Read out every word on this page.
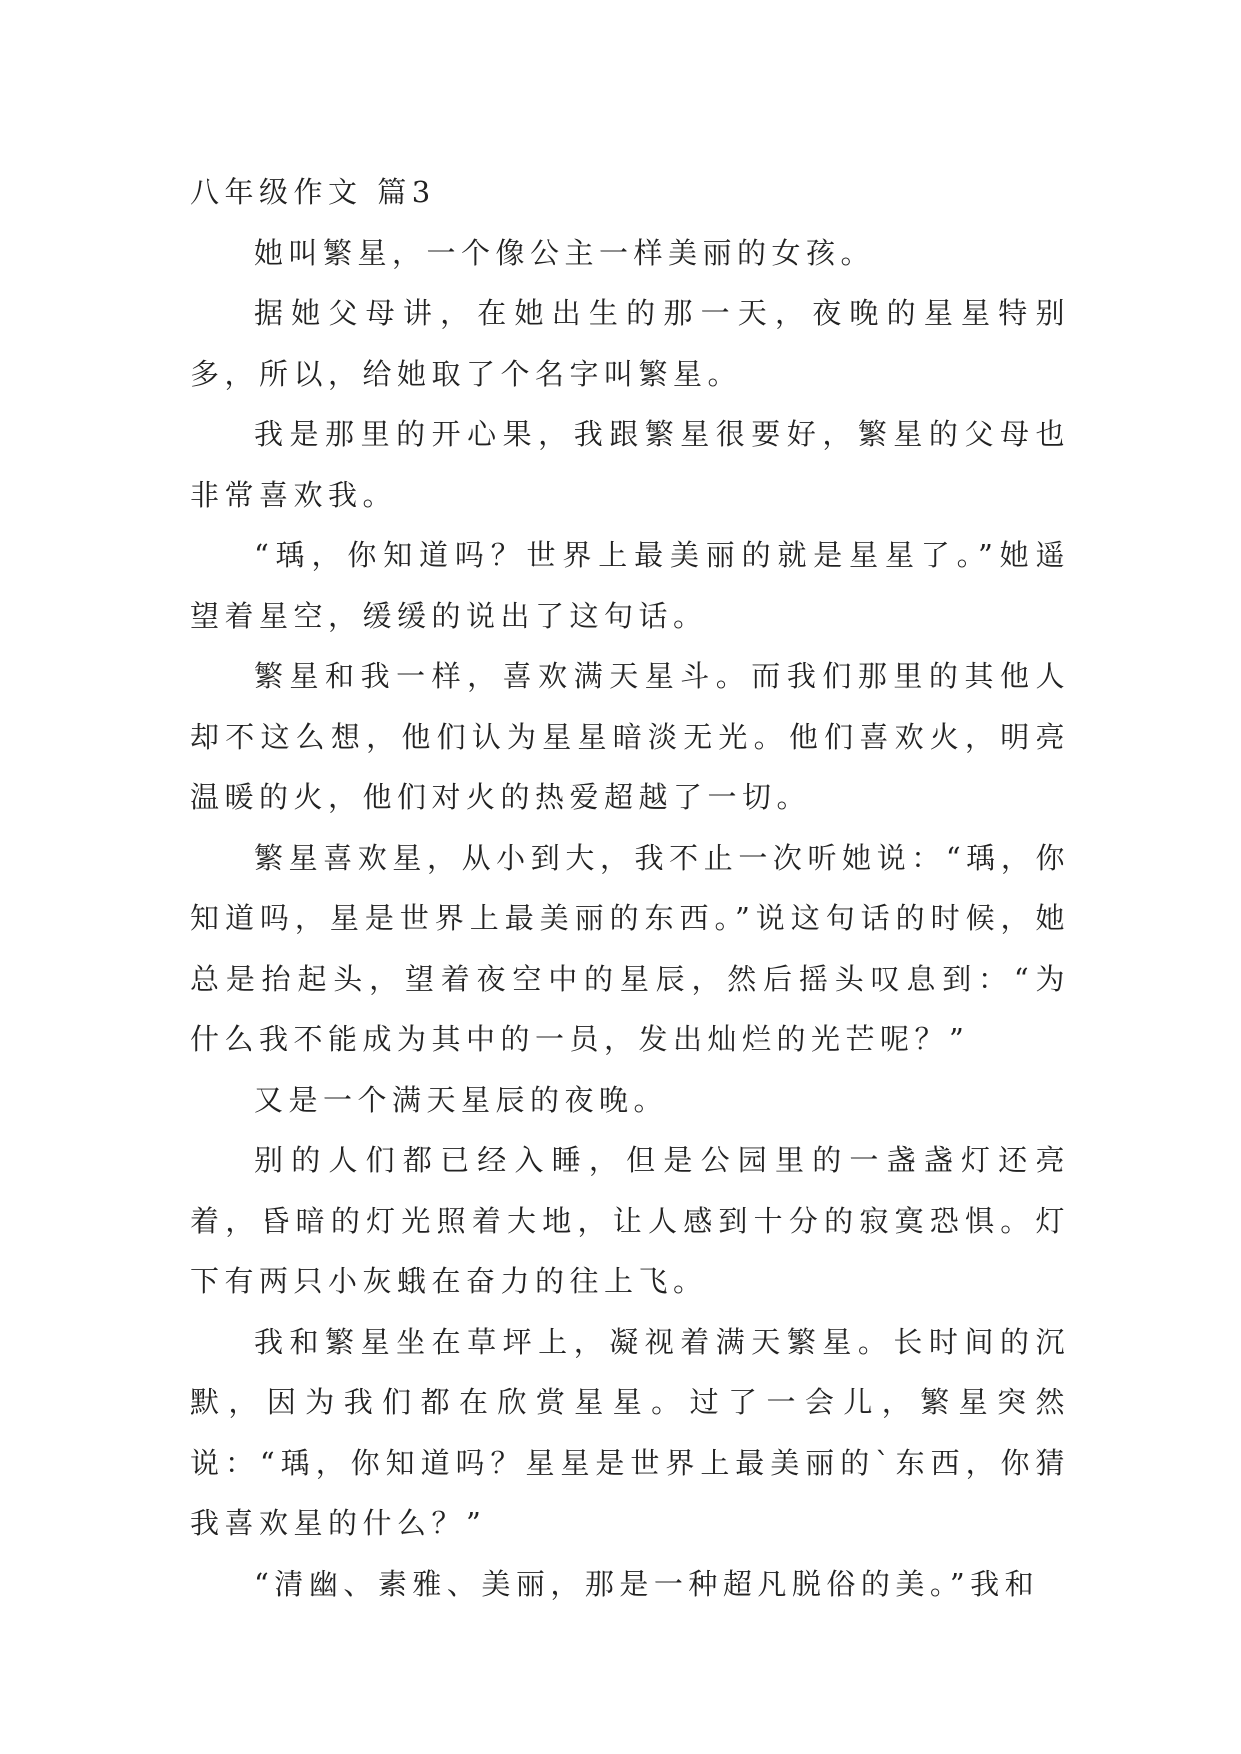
八年级作文 篇3

她叫繁星，一个像公主一样美丽的女孩。

据她父母讲，在她出生的那一天，夜晚的星星特别多，所以，给她取了个名字叫繁星。

我是那里的开心果，我跟繁星很要好，繁星的父母也非常喜欢我。

“瑀，你知道吗？世界上最美丽的就是星星了。”她遥望着星空，缓缓的说出了这句话。

繁星和我一样，喜欢满天星斗。而我们那里的其他人却不这么想，他们认为星星暗淡无光。他们喜欢火，明亮温暖的火，他们对火的热爱超越了一切。

繁星喜欢星，从小到大，我不止一次听她说：“瑀，你知道吗，星是世界上最美丽的东西。”说这句话的时候，她总是抬起头，望着夜空中的星辰，然后摇头叹息到：“为什么我不能成为其中的一员，发出灿烂的光芒呢？”

又是一个满天星辰的夜晚。

别的人们都已经入睡，但是公园里的一盏盏灯还亮着，昏暗的灯光照着大地，让人感到十分的寂寞恐惧。灯下有两只小灰蛾在奋力的往上飞。

我和繁星坐在草坪上，凝视着满天繁星。长时间的沉默，因为我们都在欣赏星星。过了一会儿，繁星突然说：“瑀，你知道吗？星星是世界上最美丽的`东西，你猜我喜欢星的什么？”

“清幽、素雅、美丽，那是一种超凡脱俗的美。”我和
